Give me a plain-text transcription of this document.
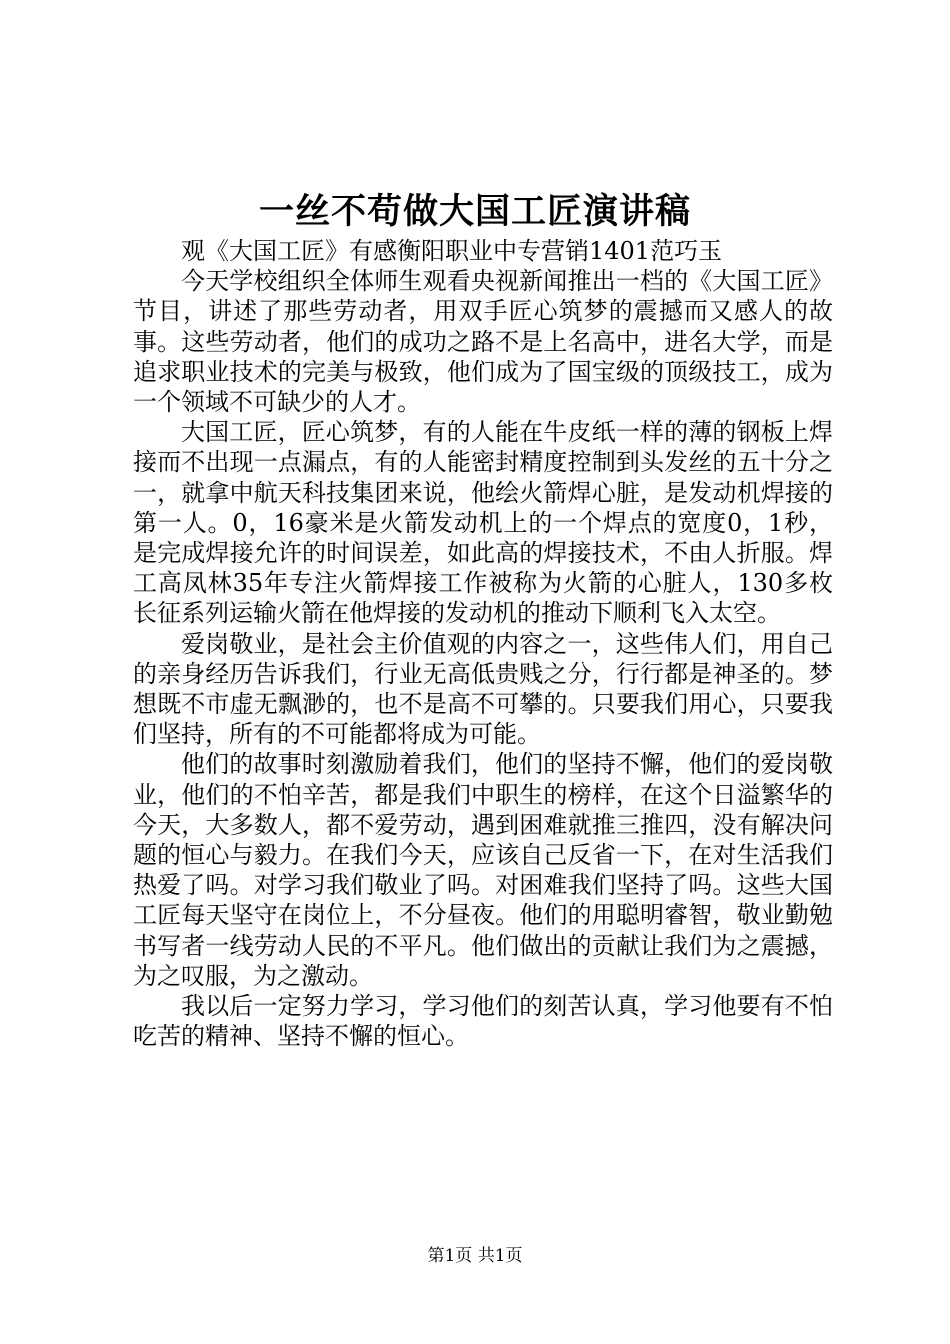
一丝不苟做大国工匠演讲稿

观《大国工匠》有感衡阳职业中专营销1401范巧玉

今天学校组织全体师生观看央视新闻推出一档的《大国工匠》节目，讲述了那些劳动者，用双手匠心筑梦的震撼而又感人的故事。这些劳动者，他们的成功之路不是上名高中，进名大学，而是追求职业技术的完美与极致，他们成为了国宝级的顶级技工，成为一个领域不可缺少的人才。

大国工匠，匠心筑梦，有的人能在牛皮纸一样的薄的钢板上焊接而不出现一点漏点，有的人能密封精度控制到头发丝的五十分之一，就拿中航天科技集团来说，他绘火箭焊心脏，是发动机焊接的第一人。0，16豪米是火箭发动机上的一个焊点的宽度0，1秒，是完成焊接允许的时间误差，如此高的焊接技术，不由人折服。焊工高凤林35年专注火箭焊接工作被称为火箭的心脏人，130多枚长征系列运输火箭在他焊接的发动机的推动下顺利飞入太空。

爱岗敬业，是社会主价值观的内容之一，这些伟人们，用自己的亲身经历告诉我们，行业无高低贵贱之分，行行都是神圣的。梦想既不市虚无飘渺的，也不是高不可攀的。只要我们用心，只要我们坚持，所有的不可能都将成为可能。

他们的故事时刻激励着我们，他们的坚持不懈，他们的爱岗敬业，他们的不怕辛苦，都是我们中职生的榜样，在这个日溢繁华的今天，大多数人，都不爱劳动，遇到困难就推三推四，没有解决问题的恒心与毅力。在我们今天，应该自己反省一下，在对生活我们热爱了吗。对学习我们敬业了吗。对困难我们坚持了吗。这些大国工匠每天坚守在岗位上，不分昼夜。他们的用聪明睿智，敬业勤勉书写者一线劳动人民的不平凡。他们做出的贡献让我们为之震撼，为之叹服，为之激动。

我以后一定努力学习，学习他们的刻苦认真，学习他要有不怕吃苦的精神、坚持不懈的恒心。

第1页 共1页
